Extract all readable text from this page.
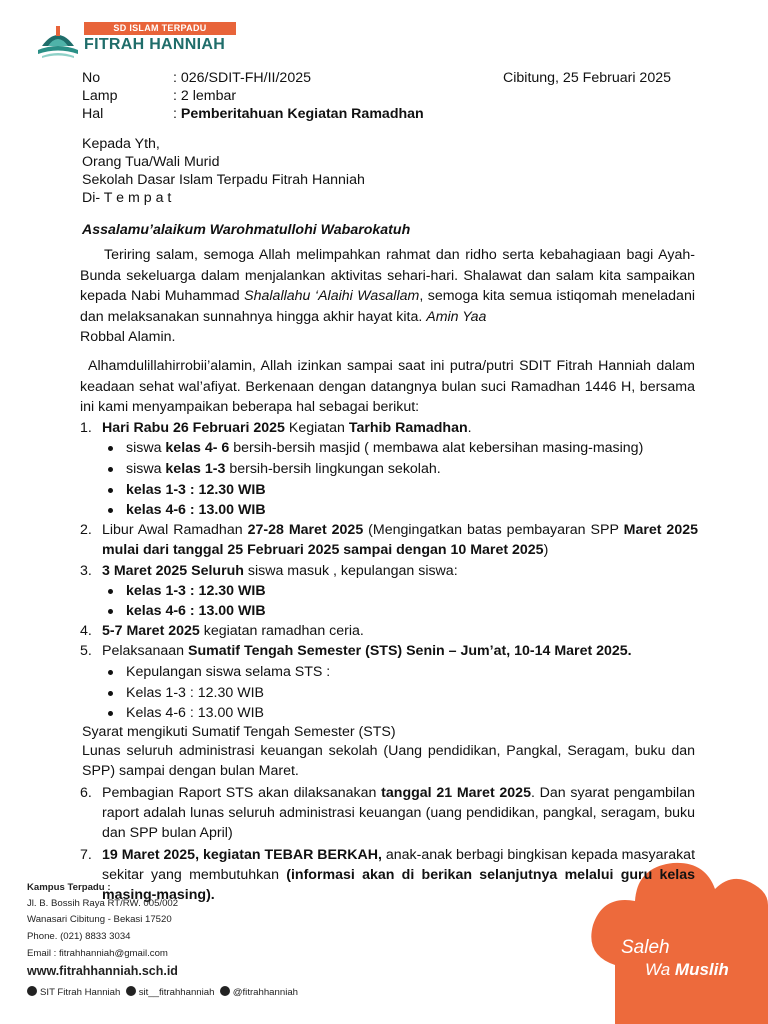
SD ISLAM TERPADU
FITRAH HANNIAH
No	: 026/SDIT-FH/II/2025	Cibitung, 25 Februari 2025
Lamp	: 2 lembar
Hal	: Pemberitahuan Kegiatan Ramadhan
Kepada Yth,
Orang Tua/Wali Murid
Sekolah Dasar Islam Terpadu Fitrah Hanniah
Di- T e m p a t
Assalamu’alaikum Warohmatullohi Wabarokatuh
Teriring salam, semoga Allah melimpahkan rahmat dan ridho serta kebahagiaan bagi Ayah-Bunda sekeluarga dalam menjalankan aktivitas sehari-hari. Shalawat dan salam kita sampaikan kepada Nabi Muhammad Shalallahu ‘Alaihi Wasallam, semoga kita semua istiqomah meneladani dan melaksanakan sunnahnya hingga akhir hayat kita. Amin Yaa
Robbal Alamin.
Alhamdulillahirrobii’alamin, Allah izinkan sampai saat ini putra/putri SDIT Fitrah Hanniah dalam keadaan sehat wal’afiyat. Berkenaan dengan datangnya bulan suci Ramadhan 1446 H, bersama ini kami menyampaikan beberapa hal sebagai berikut:
1. Hari Rabu 26 Februari 2025 Kegiatan Tarhib Ramadhan.
siswa kelas 4- 6 bersih-bersih masjid ( membawa alat kebersihan masing-masing)
siswa kelas 1-3 bersih-bersih lingkungan sekolah.
kelas 1-3 : 12.30 WIB
kelas 4-6 : 13.00 WIB
2. Libur Awal Ramadhan 27-28 Maret 2025 (Mengingatkan batas pembayaran SPP Maret 2025 mulai dari tanggal 25 Februari 2025 sampai dengan 10 Maret 2025)
3. 3 Maret 2025 Seluruh siswa masuk , kepulangan siswa:
kelas 1-3 : 12.30 WIB
kelas 4-6 : 13.00 WIB
4. 5-7 Maret 2025 kegiatan ramadhan ceria.
5. Pelaksanaan Sumatif Tengah Semester (STS) Senin – Jum’at, 10-14 Maret 2025.
Kepulangan siswa selama STS :
Kelas 1-3 : 12.30 WIB
Kelas 4-6 : 13.00 WIB
Syarat mengikuti Sumatif Tengah Semester (STS)
Lunas seluruh administrasi keuangan sekolah (Uang pendidikan, Pangkal, Seragam, buku dan SPP) sampai dengan bulan Maret.
6. Pembagian Raport STS akan dilaksanakan tanggal 21 Maret 2025. Dan syarat pengambilan raport adalah lunas seluruh administrasi keuangan (uang pendidikan, pangkal, seragam, buku dan SPP bulan April)
Saleh
Wa Muslih
7. 19 Maret 2025, kegiatan TEBAR BERKAH, anak-anak berbagi bingkisan kepada masyarakat sekitar yang membutuhkan (informasi akan di berikan selanjutnya melalui guru kelas masing-masing).
Kampus Terpadu :
Jl. B. Bossih Raya RT/RW. 005/002
Wanasari Cibitung - Bekasi 17520
Phone. (021) 8833 3034
Email : fitrahhanniah@gmail.com
www.fitrahhanniah.sch.id
SIT Fitrah Hanniah sit__fitrahhanniah @fitrahhanniah
